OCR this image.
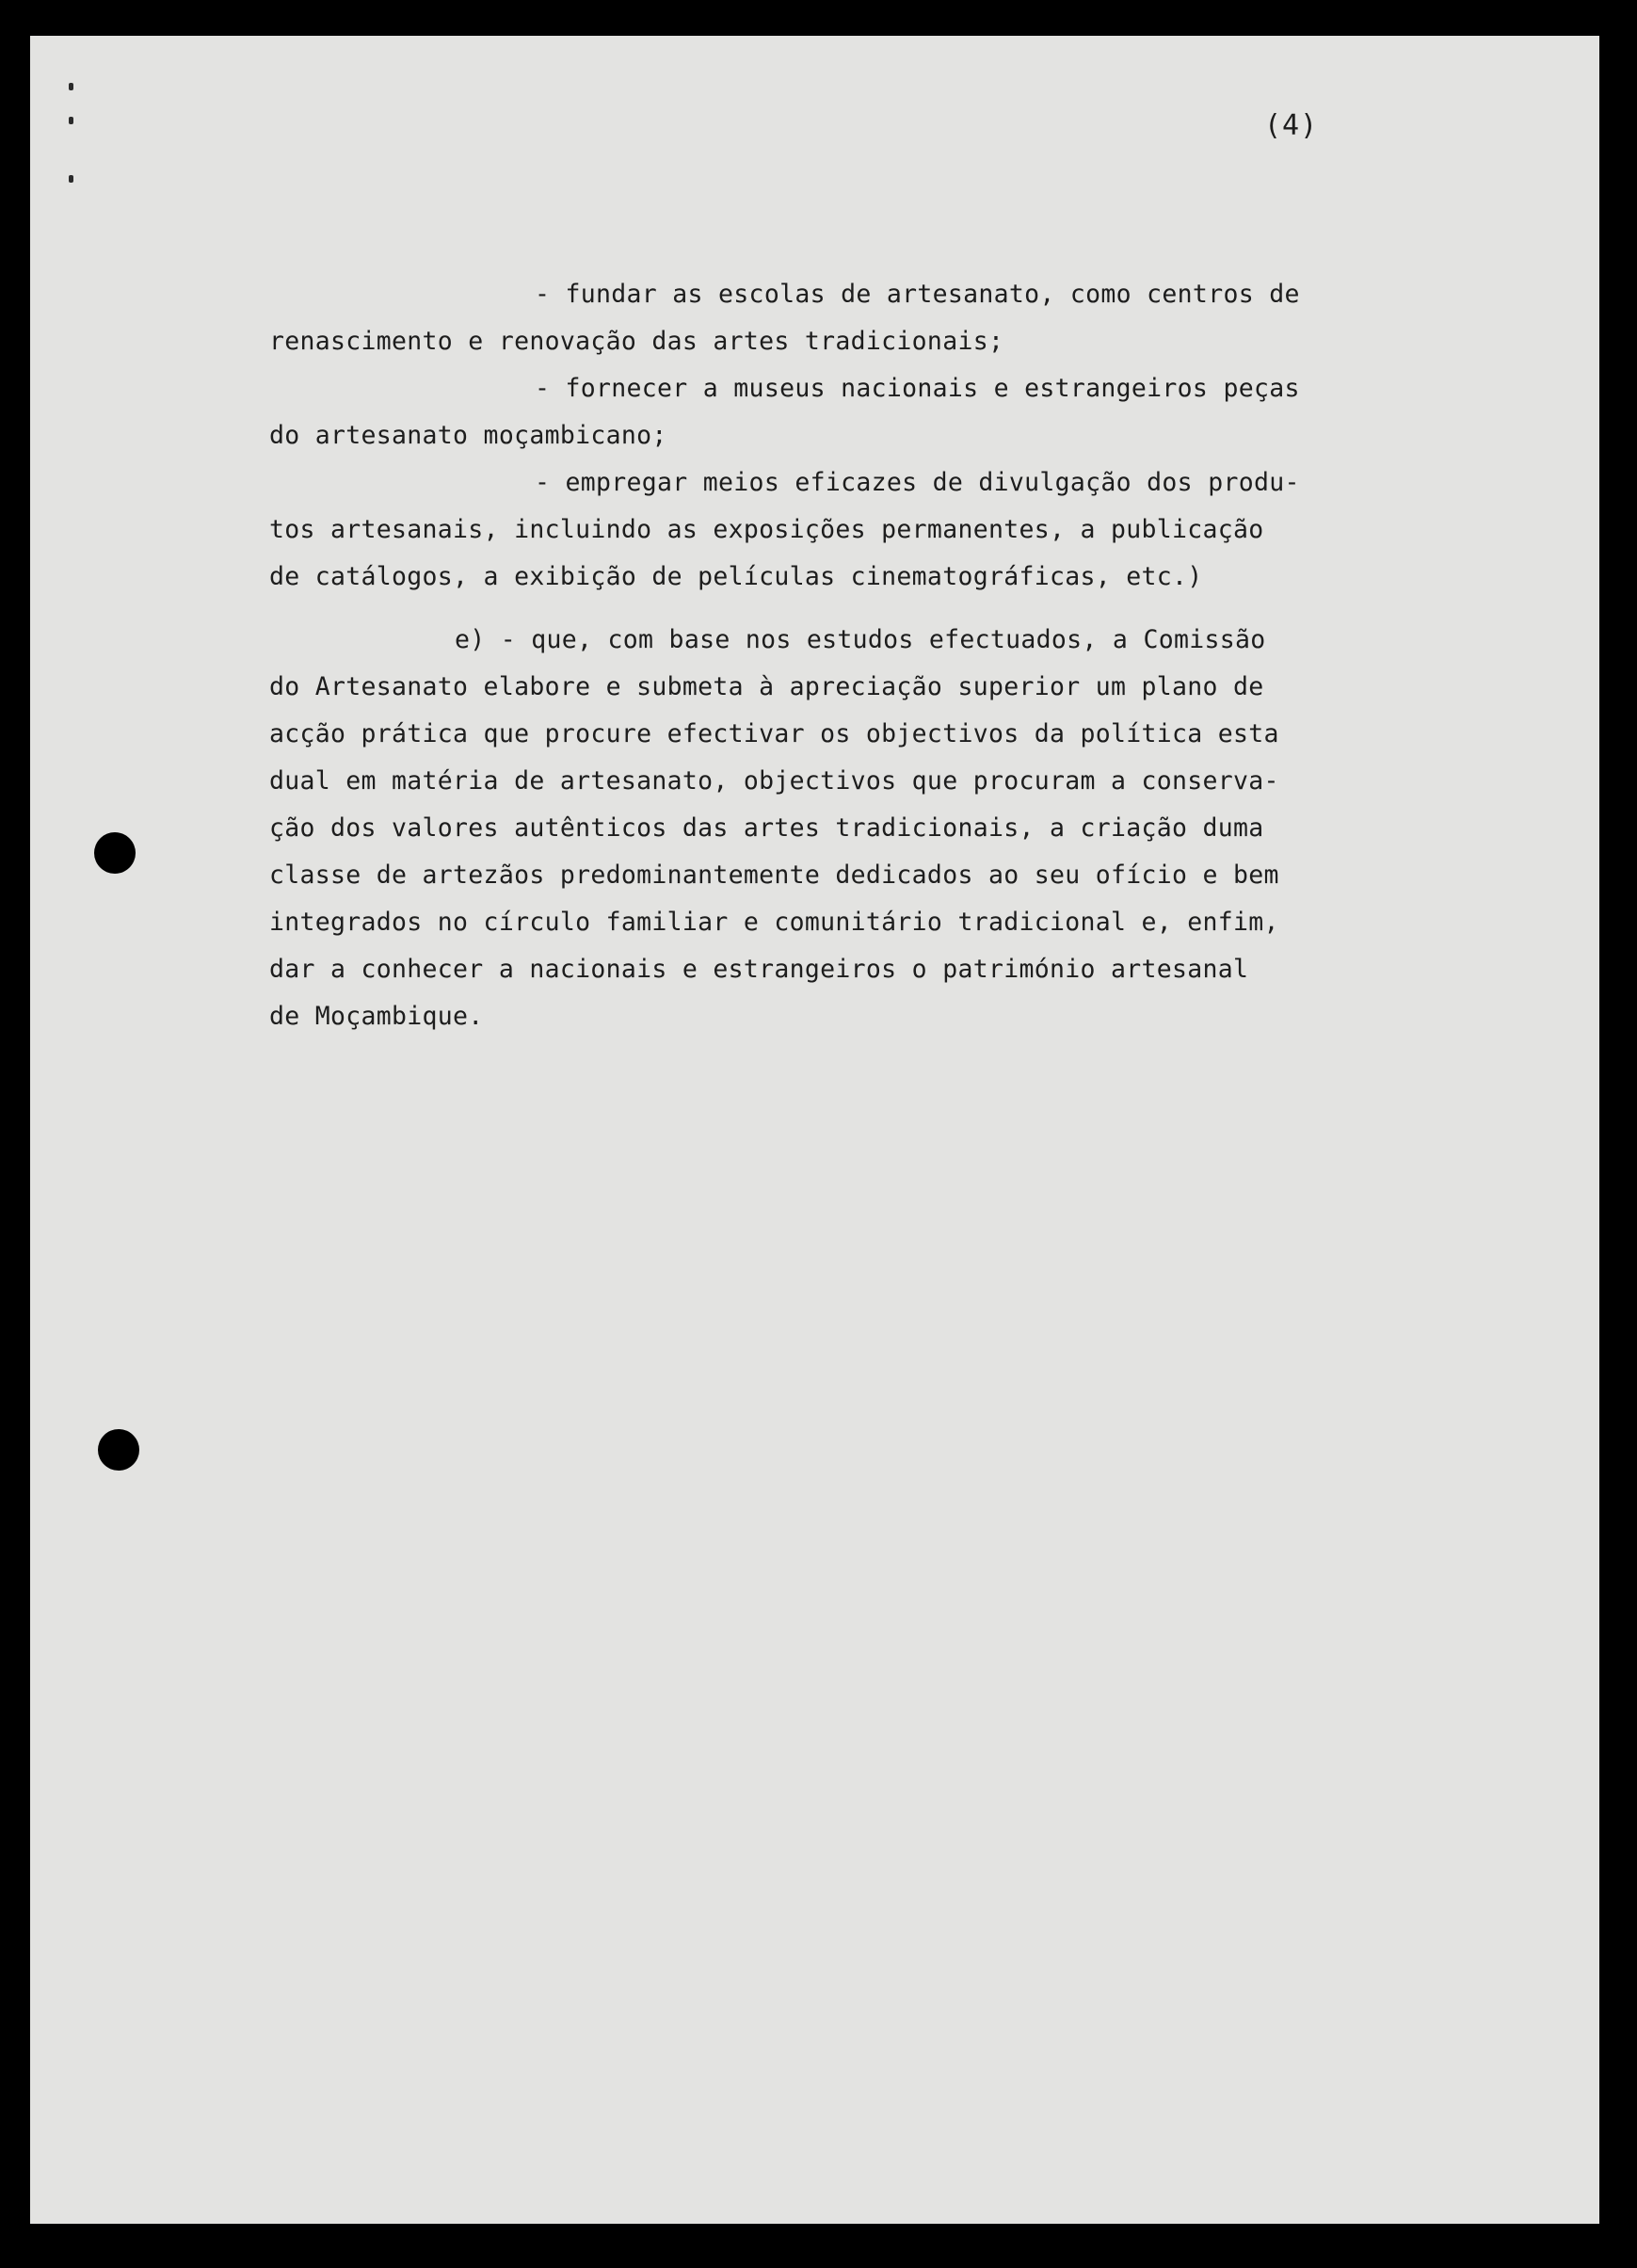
(4)
- fundar as escolas de artesanato, como centros de
renascimento e renovação das artes tradicionais;
- fornecer a museus nacionais e estrangeiros peças
do artesanato moçambicano;
- empregar meios eficazes de divulgação dos produ-
tos artesanais, incluindo as exposições permanentes, a publicação
de catálogos, a exibição de películas cinematográficas, etc.)
e) - que, com base nos estudos efectuados, a Comissão
do Artesanato elabore e submeta à apreciação superior um plano de
acção prática que procure efectivar os objectivos da política esta
dual em matéria de artesanato, objectivos que procuram a conserva-
ção dos valores autênticos das artes tradicionais, a criação duma
classe de artezãos predominantemente dedicados ao seu ofício e bem
integrados no círculo familiar e comunitário tradicional e, enfim,
dar a conhecer a nacionais e estrangeiros o património artesanal
de Moçambique.
